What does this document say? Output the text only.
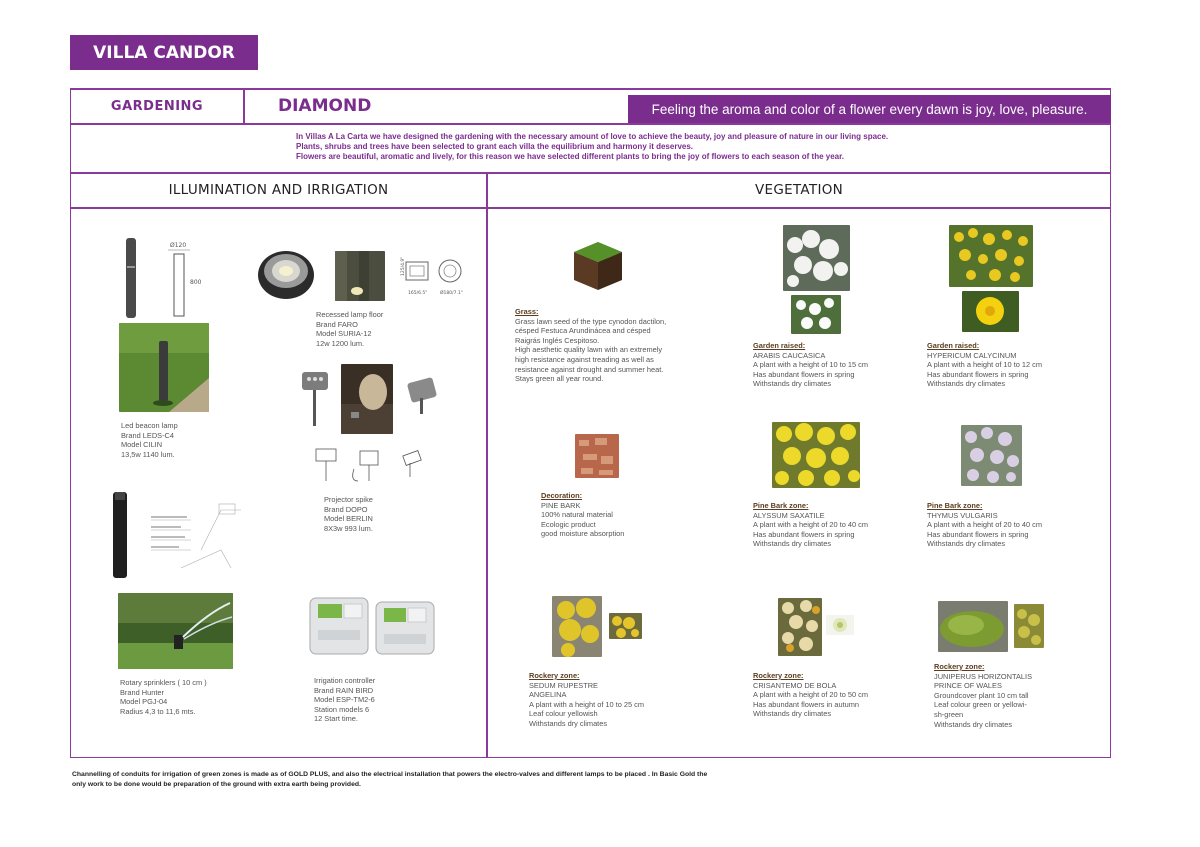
VILLA CANDOR
GARDENING	DIAMOND	Feeling the aroma and color of a flower every dawn is joy, love, pleasure.
In Villas A La Carta we have designed the gardening with the necessary amount of love to achieve the beauty, joy and pleasure of nature in our living space.
Plants, shrubs and trees have been selected to grant each villa the equilibrium and harmony it deserves.
Flowers are beautiful, aromatic and lively, for this reason we have selected different plants to bring the joy of flowers to each season of the year.
ILLUMINATION AND IRRIGATION	VEGETATION
Ø120
800
Led beacon lamp
Brand LEDS-C4
Model CILIN
13,5w 1140 lum.
125/4.9"
165/6.5"	Ø180/7.1"
Recessed lamp floor
Brand FARO
Model SURIA-12
12w 1200 lum.
Projector spike
Brand DOPO
Model BERLIN
8X3w 993 lum.
Rotary sprinklers ( 10 cm )
Brand Hunter
Model PGJ-04
Radius 4,3 to 11,6 mts.
Irrigation controller
Brand RAIN BIRD
Model ESP-TM2-6
Station models 6
12 Start time.
Grass:
Grass lawn seed of the type cynodon dactilon,
césped Festuca Arundinácea and césped
Raigrás Inglés Cespitoso.
High aesthetic quality lawn with an extremely
high resistance against treading as well as
resistance against drought and summer heat.
Stays green all year round.
Garden raised:
ARABIS CAUCASICA
A plant with a height of 10 to 15 cm
Has abundant flowers in spring
Withstands dry climates
Garden raised:
HYPERICUM CALYCINUM
A plant with a height of 10 to 12 cm
Has abundant flowers in spring
Withstands dry climates
Decoration:
PINE BARK
100% natural material
Ecologic product
good moisture absorption
Pine Bark zone:
ALYSSUM SAXATILE
A plant with a height of 20 to 40 cm
Has abundant flowers in spring
Withstands dry climates
Pine Bark zone:
THYMUS VULGARIS
A plant with a height of 20 to 40 cm
Has abundant flowers in spring
Withstands dry climates
Rockery zone:
SEDUM RUPESTRE
ANGELINA
A plant with a height of 10 to 25 cm
Leaf colour yellowish
Withstands dry climates
Rockery zone:
CRISANTEMO DE BOLA
A plant with a height of 20 to 50 cm
Has abundant flowers in autumn
Withstands dry climates
Rockery zone:
JUNIPERUS HORIZONTALIS
PRINCE OF WALES
Groundcover plant 10 cm tall
Leaf colour green or yellowi-
sh-green
Withstands dry climates
Channelling of conduits for irrigation of green zones is made as of GOLD PLUS, and also the electrical installation that powers the electro-valves and different lamps to be placed . In Basic Gold the
only work to be done would be preparation of the ground with extra earth being provided.
